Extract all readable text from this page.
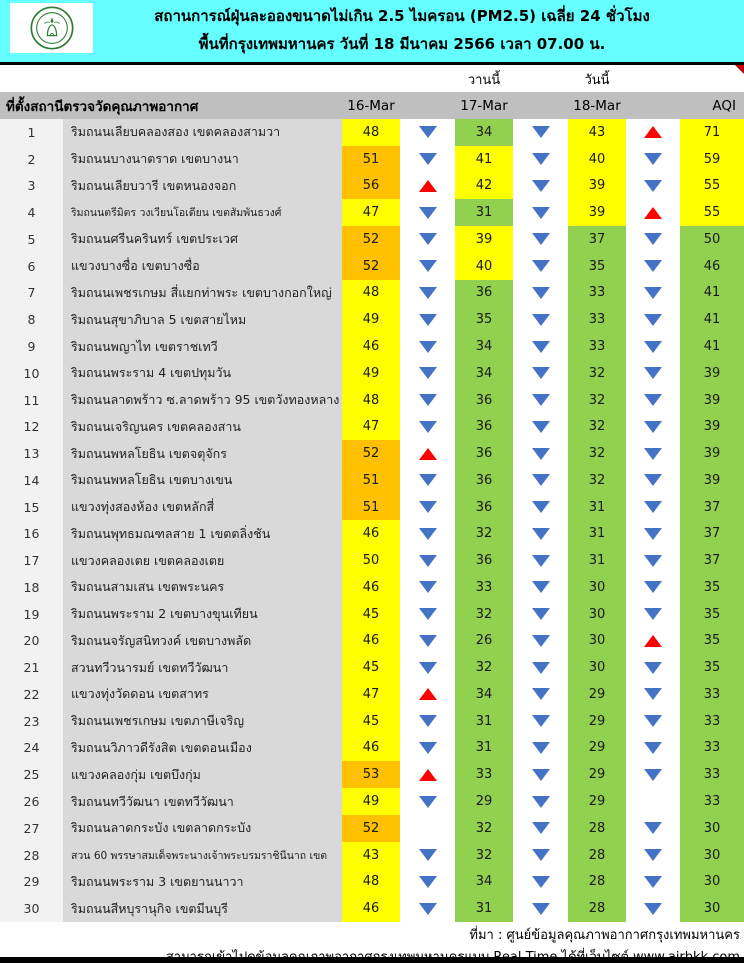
สถานการณ์ฝุ่นละอองขนาดไม่เกิน 2.5 ไมครอน (PM2.5) เฉลี่ย 24 ชั่วโมง
พื้นที่กรุงเทพมหานคร วันที่ 18 มีนาคม 2566 เวลา 07.00 น.
วานนี้	วันนี้
ที่ตั้งสถานีตรวจวัดคุณภาพอากาศ	16-Mar	17-Mar	18-Mar	AQI
1	ริมถนนเลียบคลองสอง เขตคลองสามวา	48	34	43	71
2	ริมถนนบางนาตราด เขตบางนา	51	41	40	59
3	ริมถนนเลียบวารี เขตหนองจอก	56	42	39	55
4	ริมถนนตรีมิตร วงเวียนโอเดียน เขตสัมพันธวงศ์	47	31	39	55
5	ริมถนนศรีนครินทร์ เขตประเวศ	52	39	37	50
6	แขวงบางซื่อ เขตบางซื่อ	52	40	35	46
7	ริมถนนเพชรเกษม สี่แยกท่าพระ เขตบางกอกใหญ่	48	36	33	41
8	ริมถนนสุขาภิบาล 5 เขตสายไหม	49	35	33	41
9	ริมถนนพญาไท เขตราชเทวี	46	34	33	41
10	ริมถนนพระราม 4 เขตปทุมวัน	49	34	32	39
11	ริมถนนลาดพร้าว ซ.ลาดพร้าว 95 เขตวังทองหลาง	48	36	32	39
12	ริมถนนเจริญนคร เขตคลองสาน	47	36	32	39
13	ริมถนนพหลโยธิน เขตจตุจักร	52	36	32	39
14	ริมถนนพหลโยธิน เขตบางเขน	51	36	32	39
15	แขวงทุ่งสองห้อง เขตหลักสี่	51	36	31	37
16	ริมถนนพุทธมณฑลสาย 1 เขตตลิ่งชัน	46	32	31	37
17	แขวงคลองเตย เขตคลองเตย	50	36	31	37
18	ริมถนนสามเสน เขตพระนคร	46	33	30	35
19	ริมถนนพระราม 2 เขตบางขุนเทียน	45	32	30	35
20	ริมถนนจรัญสนิทวงค์ เขตบางพลัด	46	26	30	35
21	สวนทวีวนารมย์ เขตทวีวัฒนา	45	32	30	35
22	แขวงทุ่งวัดดอน เขตสาทร	47	34	29	33
23	ริมถนนเพชรเกษม เขตภาษีเจริญ	45	31	29	33
24	ริมถนนวิภาวดีรังสิต เขตดอนเมือง	46	31	29	33
25	แขวงคลองกุ่ม เขตบึงกุ่ม	53	33	29	33
26	ริมถนนทวีวัฒนา เขตทวีวัฒนา	49	29	29	33
27	ริมถนนลาดกระบัง เขตลาดกระบัง	52	32	28	30
28	สวน 60 พรรษาสมเด็จพระนางเจ้าพระบรมราชินีนาถ เขต	43	32	28	30
29	ริมถนนพระราม 3 เขตยานนาวา	48	34	28	30
30	ริมถนนสีหบุรานุกิจ เขตมีนบุรี	46	31	28	30
ที่มา : ศูนย์ข้อมูลคุณภาพอากาศกรุงเทพมหานคร
